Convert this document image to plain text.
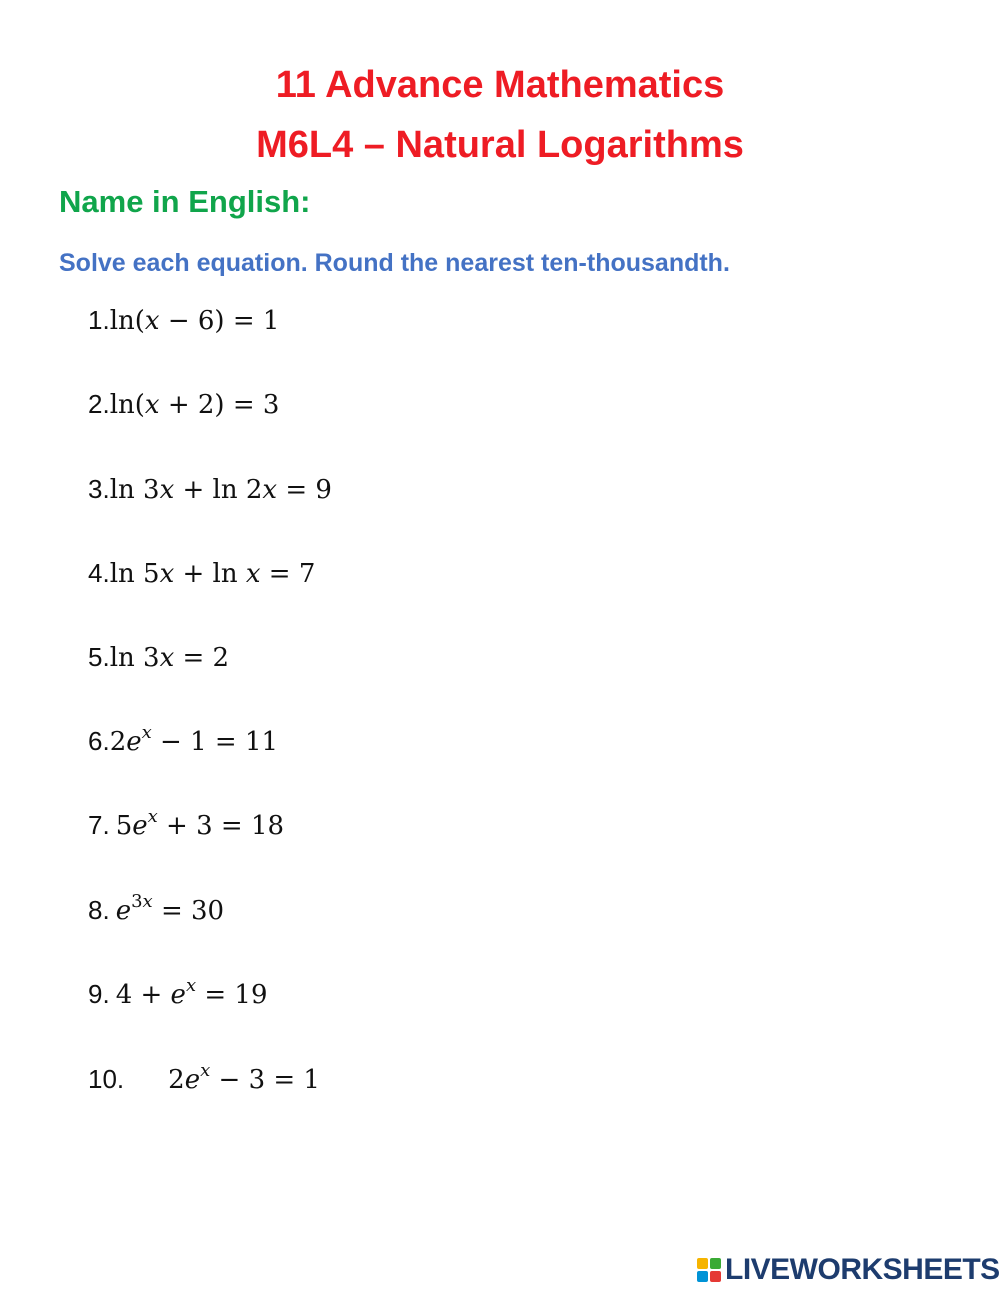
11 Advance Mathematics
M6L4 – Natural Logarithms
Name in English:
Solve each equation. Round the nearest ten-thousandth.
1.ln(x − 6) = 1
2.ln(x + 2) = 3
3.ln 3x + ln 2x = 9
4.ln 5x + ln x = 7
5.ln 3x = 2
$6.2e^x - 1 = 11$
7. $5e^x + 3 = 18$
8. $e^{3x} = 30$
9. $4 + e^x = 19$
10. $2e^x - 3 = 1$
LIVEWORKSHEETS
